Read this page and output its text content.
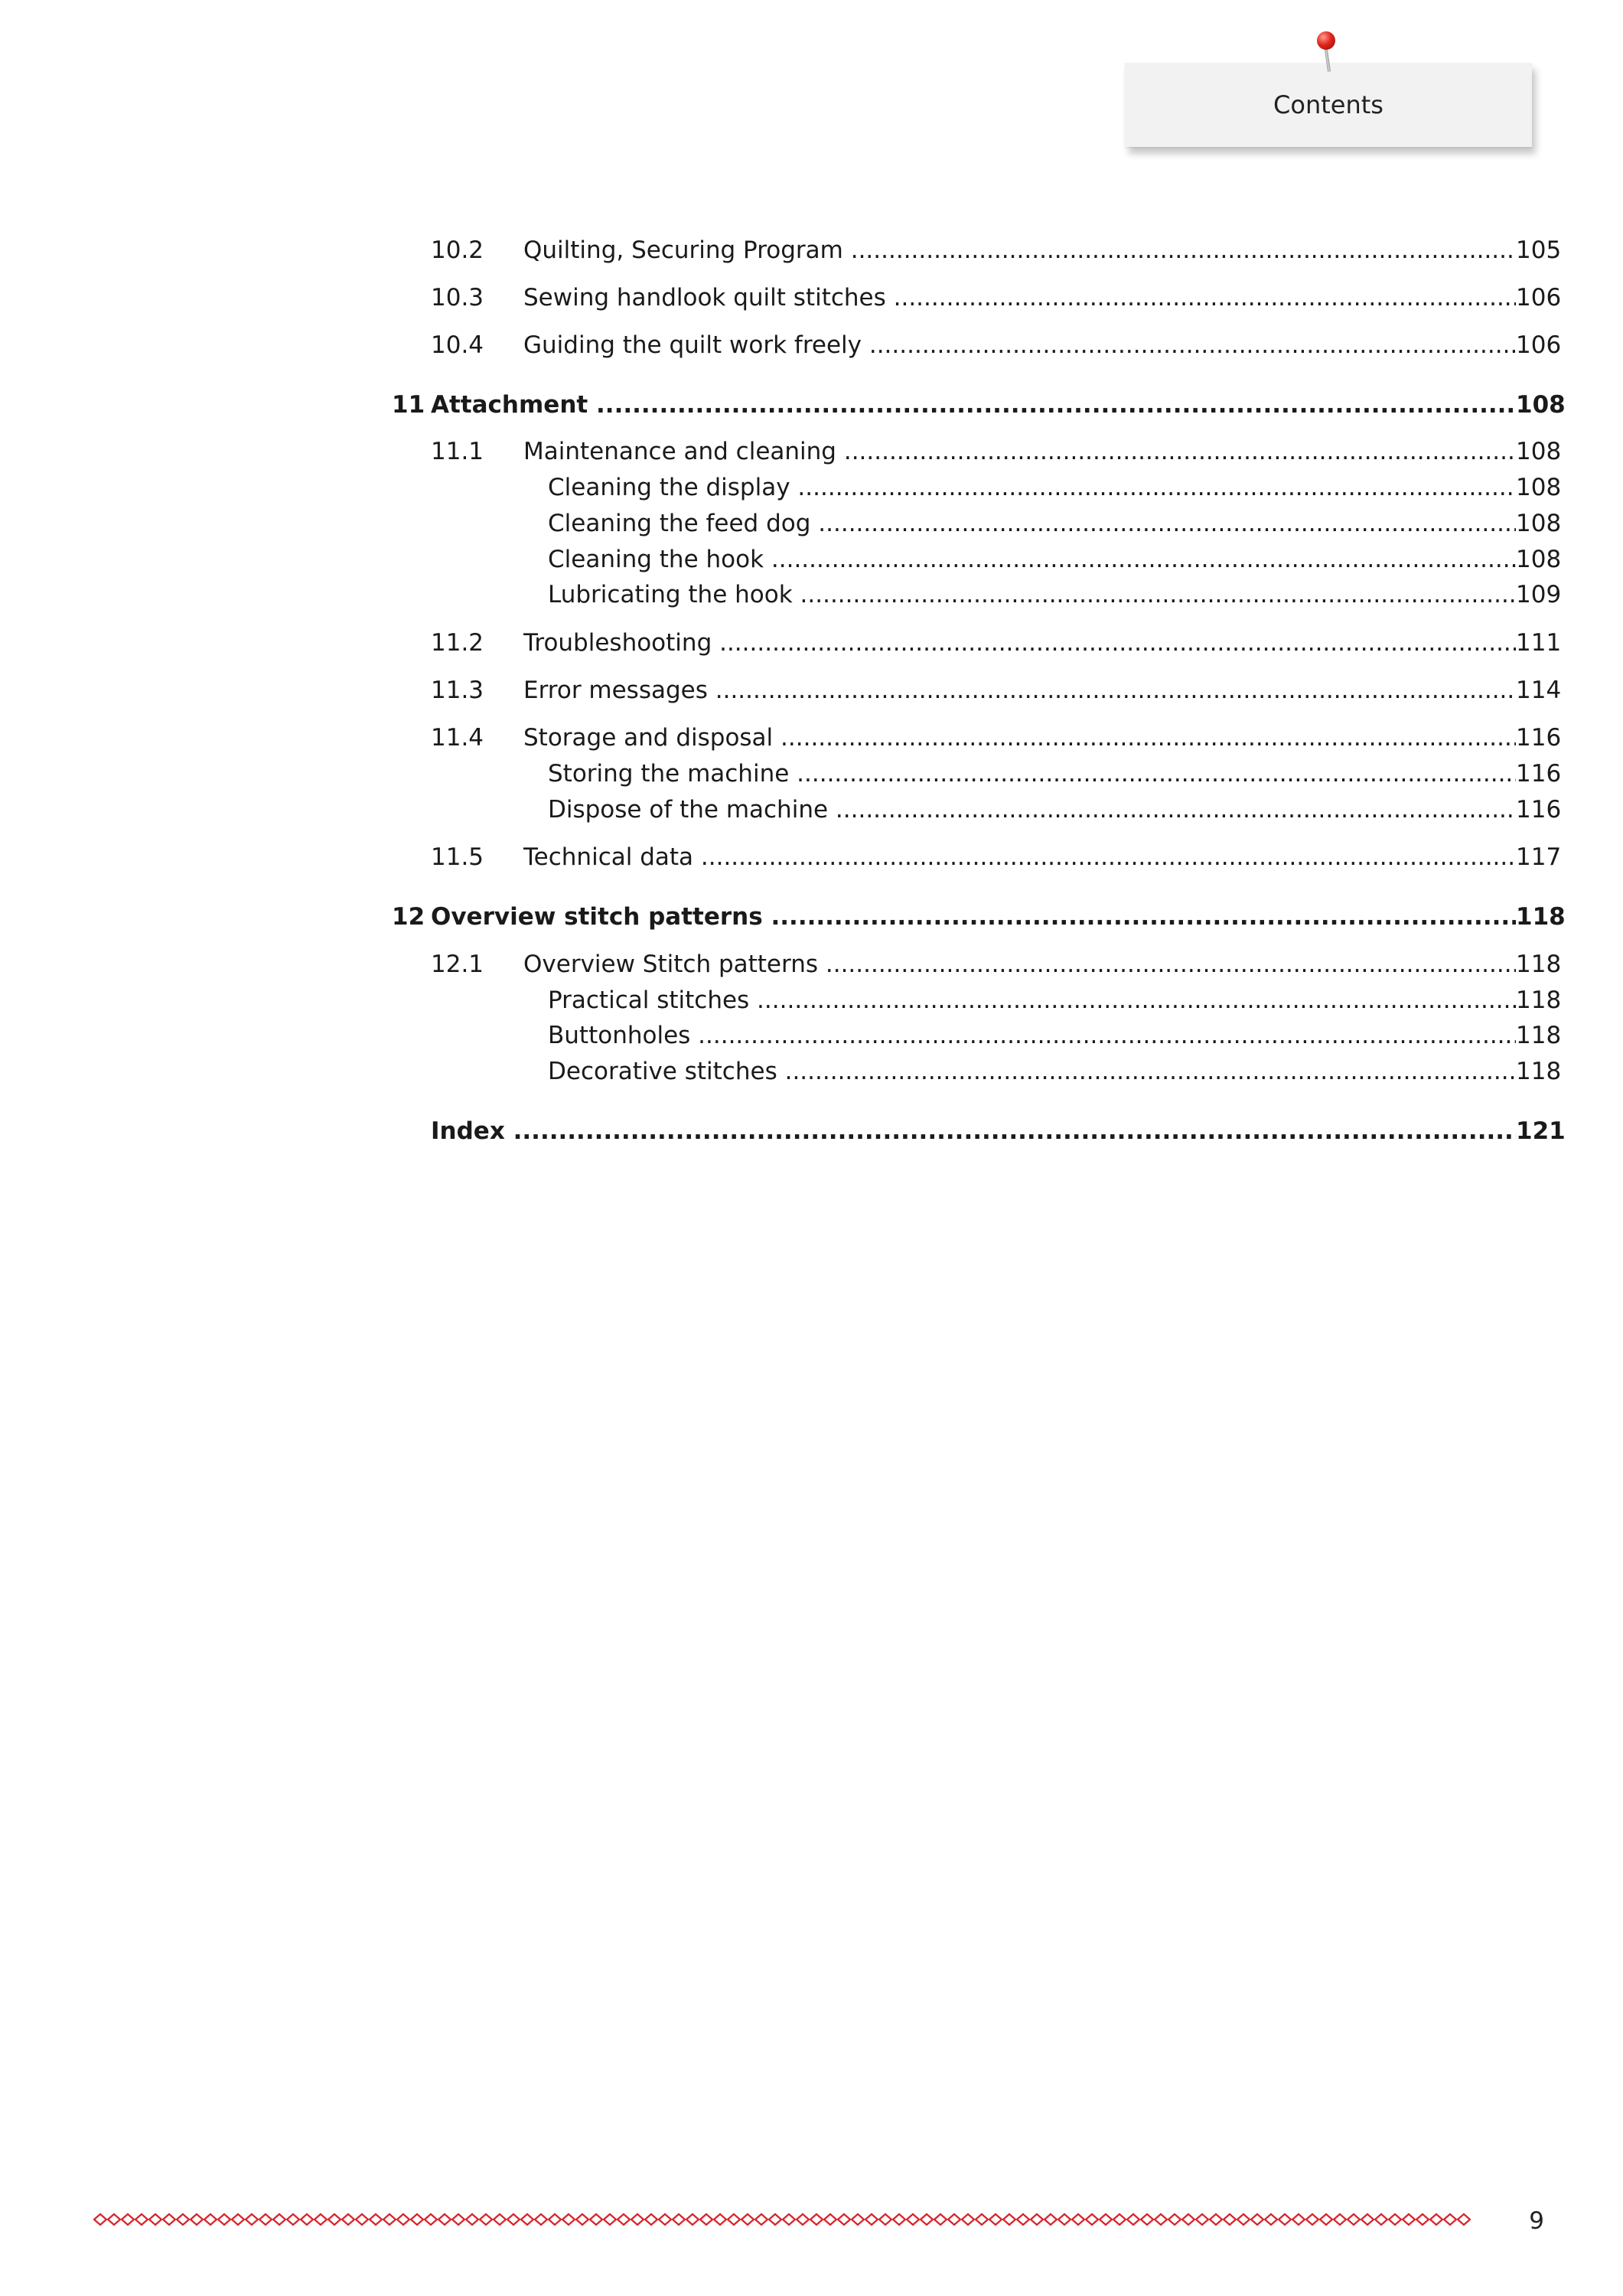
Contents
10.2 Quilting, Securing Program .....	105
10.3 Sewing handlook quilt stitches .....	106
10.4 Guiding the quilt work freely .....	106
11 Attachment .....	108
11.1 Maintenance and cleaning .....	108
Cleaning the display .....	108
Cleaning the feed dog .....	108
Cleaning the hook .....	108
Lubricating the hook .....	109
11.2 Troubleshooting .....	111
11.3 Error messages .....	114
11.4 Storage and disposal .....	116
Storing the machine .....	116
Dispose of the machine .....	116
11.5 Technical data .....	117
12 Overview stitch patterns .....	118
12.1 Overview Stitch patterns .....	118
Practical stitches .....	118
Buttonholes .....	118
Decorative stitches .....	118
Index .....	121
9
